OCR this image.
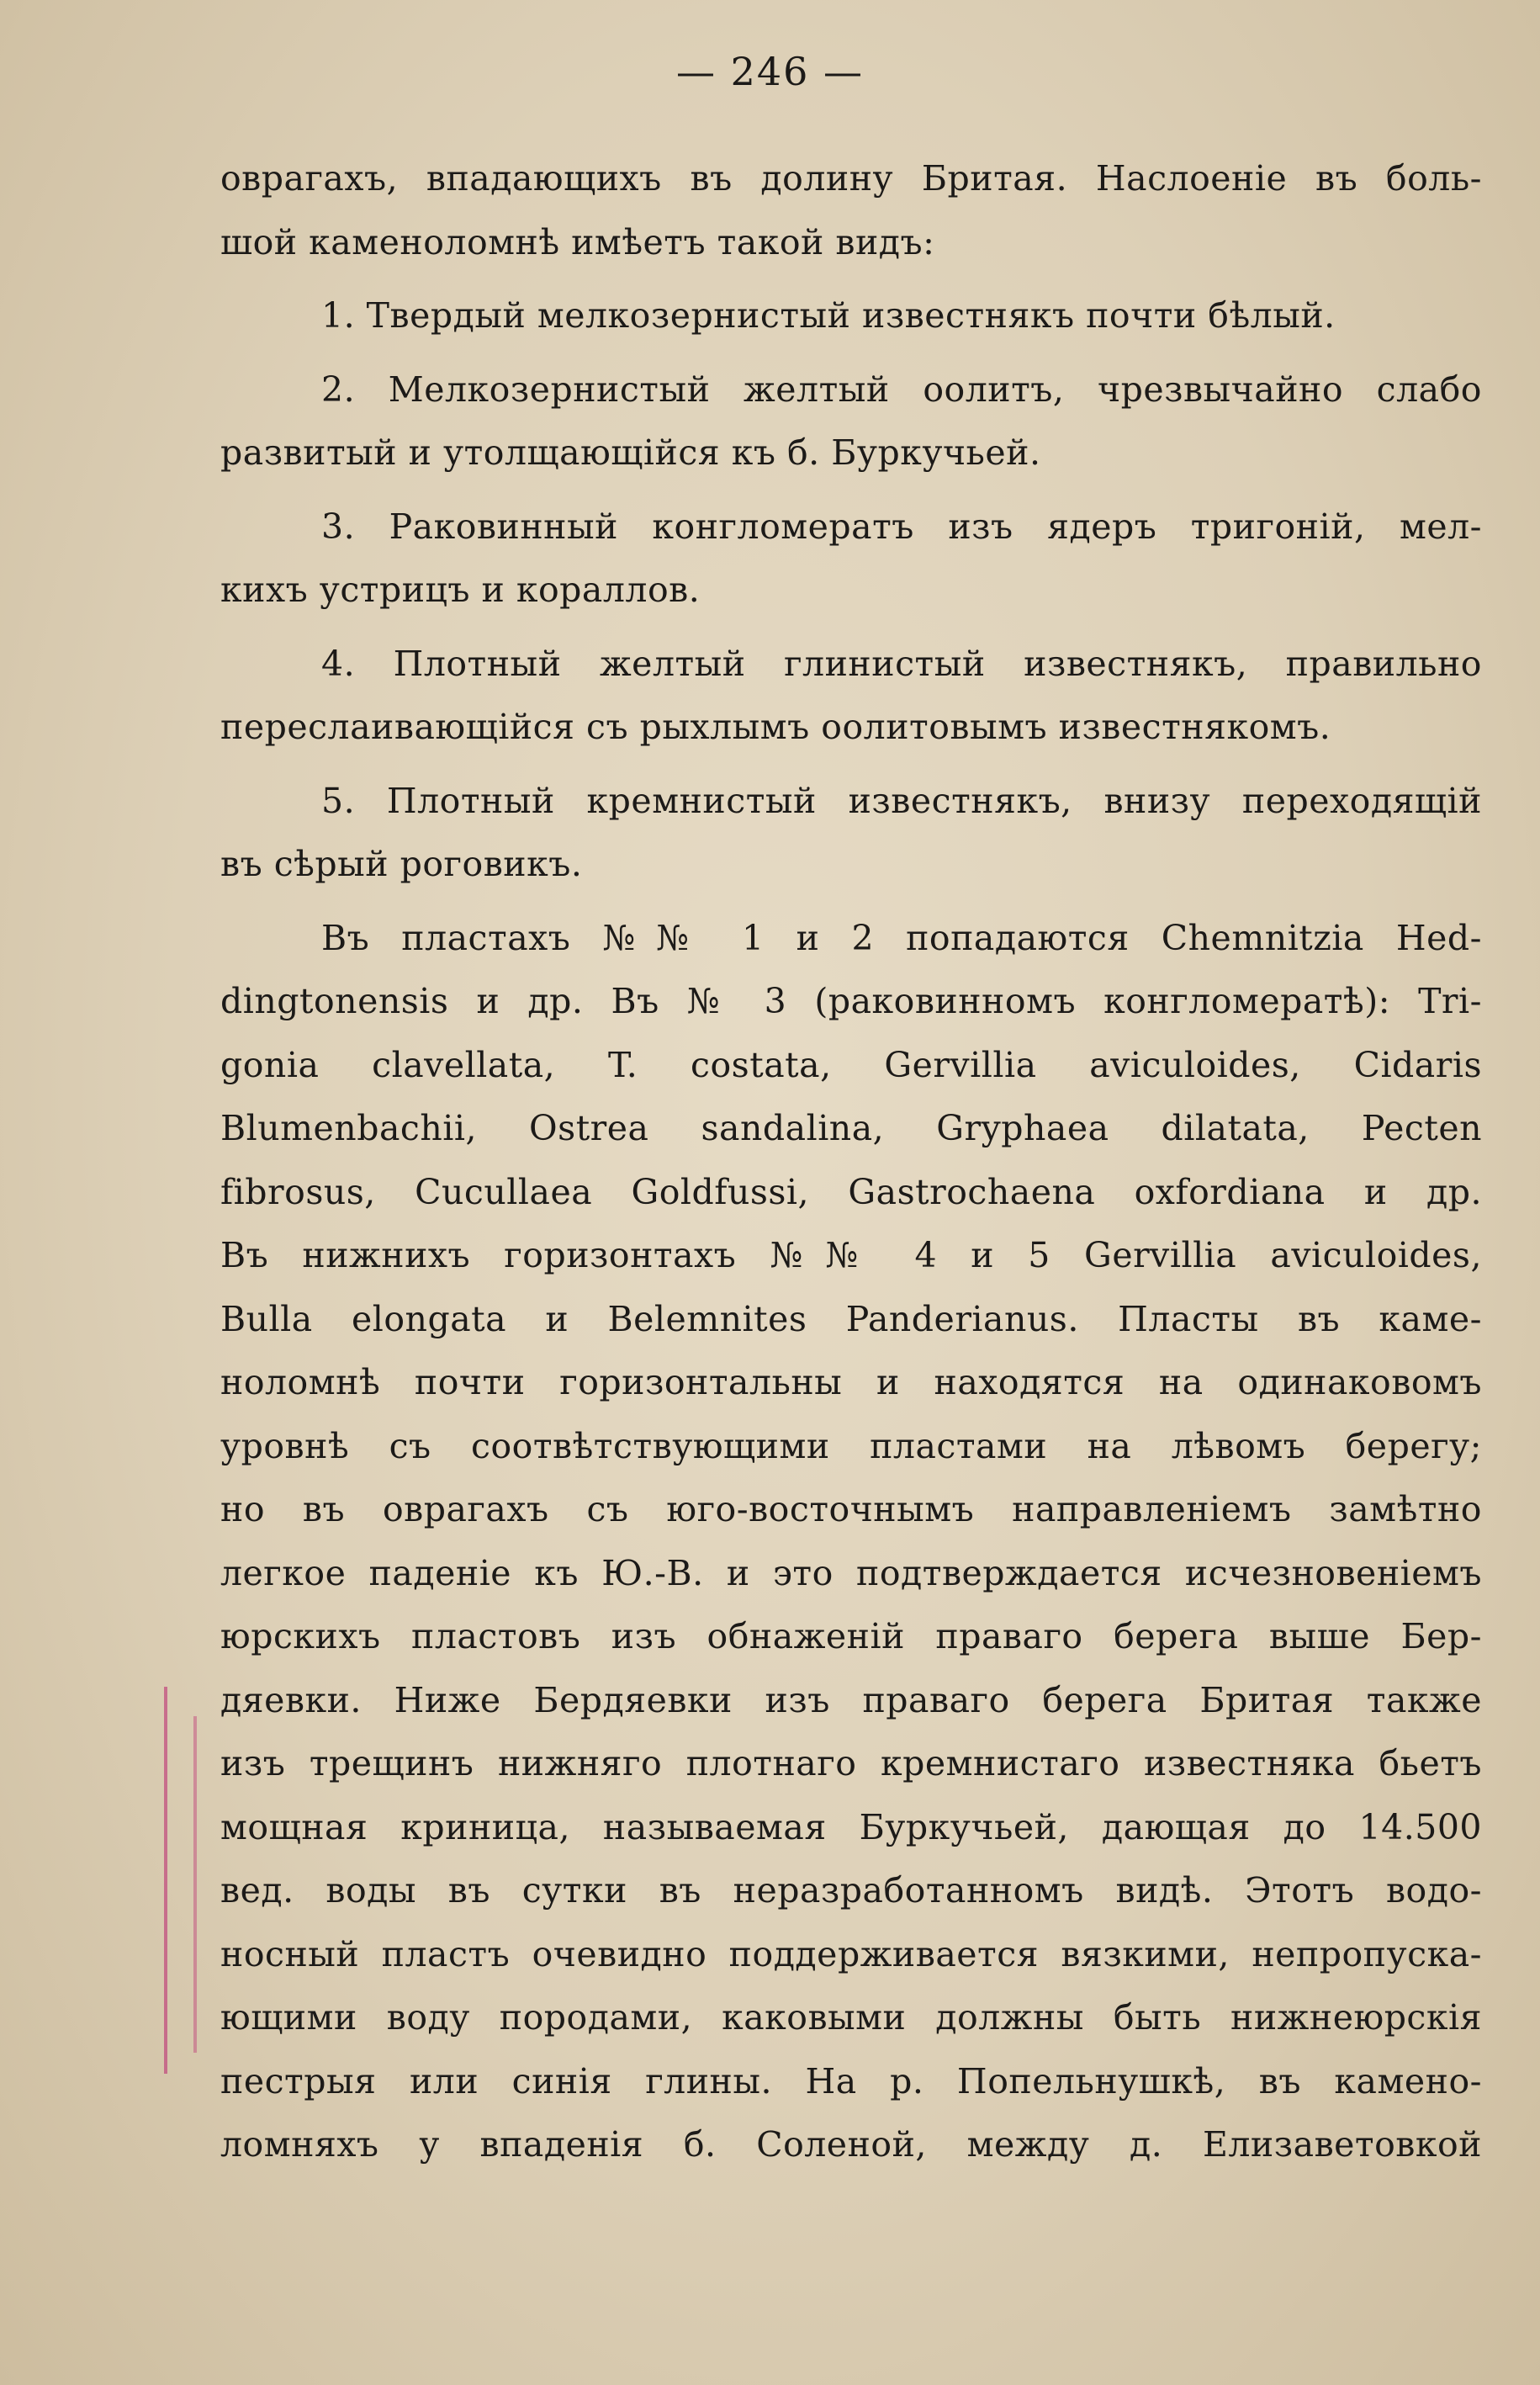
— 246 —
оврагахъ, впадающихъ въ долину Бритая. Наслоеніе въ боль-
шой каменоломнѣ имѣетъ такой видъ:
1. Твердый мелкозернистый известнякъ почти бѣлый.
2. Мелкозернистый желтый оолитъ, чрезвычайно слабо
развитый и утолщающійся къ б. Буркучьей.
3. Раковинный конгломератъ изъ ядеръ тригоній, мел-
кихъ устрицъ и кораллов.
4. Плотный желтый глинистый известнякъ, правильно
переслаивающійся съ рыхлымъ оолитовымъ известнякомъ.
5. Плотный кремнистый известнякъ, внизу переходящій
въ сѣрый роговикъ.
Въ пластахъ №№ 1 и 2 попадаются Chemnitzia Hed-
dingtonensis и др. Въ № 3 (раковинномъ конгломератѣ): Tri-
gonia clavellata, T. costata, Gervillia aviculoides, Cidaris
Blumenbachii, Ostrea sandalina, Gryphaea dilatata, Pecten
fibrosus, Cucullaea Goldfussi, Gastrochaena oxfordiana и др.
Въ нижнихъ горизонтахъ №№ 4 и 5 Gervillia aviculoides,
Bulla elongata и Belemnites Panderianus. Пласты въ каме-
ноломнѣ почти горизонтальны и находятся на одинаковомъ
уровнѣ съ соотвѣтствующими пластами на лѣвомъ берегу;
но въ оврагахъ съ юго-восточнымъ направленіемъ замѣтно
легкое паденіе къ Ю.-В. и это подтверждается исчезновеніемъ
юрскихъ пластовъ изъ обнаженій праваго берега выше Бер-
дяевки. Ниже Бердяевки изъ праваго берега Бритая также
изъ трещинъ нижняго плотнаго кремнистаго известняка бьетъ
мощная криница, называемая Буркучьей, дающая до 14.500
вед. воды въ сутки въ неразработанномъ видѣ. Этотъ водо-
носный пластъ очевидно поддерживается вязкими, непропуска-
ющими воду породами, каковыми должны быть нижнеюрскія
пестрыя или синія глины. На р. Попельнушкѣ, въ камено-
ломняхъ у впаденія б. Соленой, между д. Елизаветовкой
